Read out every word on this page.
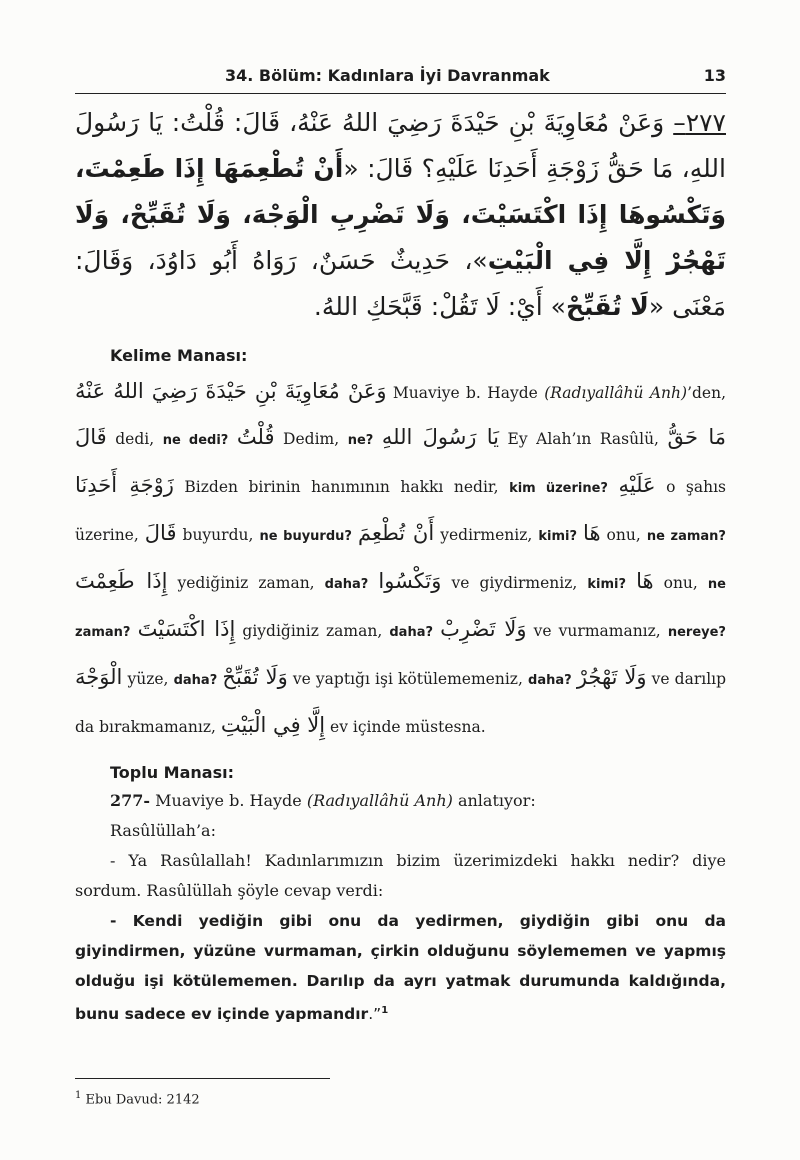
34. Bölüm: Kadınlara İyi Davranmak	13
٢٧٧– وَعَنْ مُعَاوِيَةَ بْنِ حَيْدَةَ رَضِيَ اللهُ عَنْهُ، قَالَ: قُلْتُ: يَا رَسُولَ اللهِ، مَا حَقُّ زَوْجَةِ أَحَدِنَا عَلَيْهِ؟ قَالَ: «أَنْ تُطْعِمَهَا إِذَا طَعِمْتَ، وَتَكْسُوهَا إِذَا اكْتَسَيْتَ، وَلَا تَضْرِبِ الْوَجْهَ، وَلَا تُقَبِّحْ، وَلَا تَهْجُرْ إِلَّا فِي الْبَيْتِ»، حَدِيثٌ حَسَنٌ، رَوَاهُ أَبُو دَاوُدَ، وَقَالَ: مَعْنَى «لَا تُقَبِّحْ» أَيْ: لَا تَقُلْ: قَبَّحَكِ اللهُ.
Kelime Manası:

وَعَنْ مُعَاوِيَةَ بْنِ حَيْدَةَ رَضِيَ اللهُ عَنْهُ Muaviye b. Hayde (Radıyallâhü Anh)’den, قَالَ dedi, ne dedi? قُلْتُ Dedim, ne? يَا رَسُولَ اللهِ Ey Alah’ın Rasûlü, مَا حَقُّ زَوْجَةِ أَحَدِنَا Bizden birinin hanımının hakkı nedir, kim üzerine? عَلَيْهِ o şahıs üzerine, قَالَ buyurdu, ne buyurdu? أَنْ تُطْعِمَ yedirmeniz, kimi? هَا onu, ne zaman? إِذَا طَعِمْتَ yediğiniz zaman, daha? وَتَكْسُوا ve giydirmeniz, kimi? هَا onu, ne zaman? إِذَا اكْتَسَيْتَ giydiğiniz zaman, daha? وَلَا تَضْرِبْ ve vurmamanız, nereye? الْوَجْهَ yüze, daha? وَلَا تُقَبِّحْ ve yaptığı işi kötülememeniz, daha? وَلَا تَهْجُرْ ve darılıp da bırakmamanız, إِلَّا فِي الْبَيْتِ ev içinde müstesna.

Toplu Manası:

277- Muaviye b. Hayde (Radıyallâhü Anh) anlatıyor:

Rasûlüllah’a:

- Ya Rasûlallah! Kadınlarımızın bizim üzerimizdeki hakkı nedir? diye sordum. Rasûlüllah şöyle cevap verdi:

- Kendi yediğin gibi onu da yedirmen, giydiğin gibi onu da giyindirmen, yüzüne vurmaman, çirkin olduğunu söylememen ve yapmış olduğu işi kötülememen. Darılıp da ayrı yatmak durumunda kaldığında, bunu sadece ev içinde yapmandır.”$^1$

$^1$ Ebu Davud: 2142
